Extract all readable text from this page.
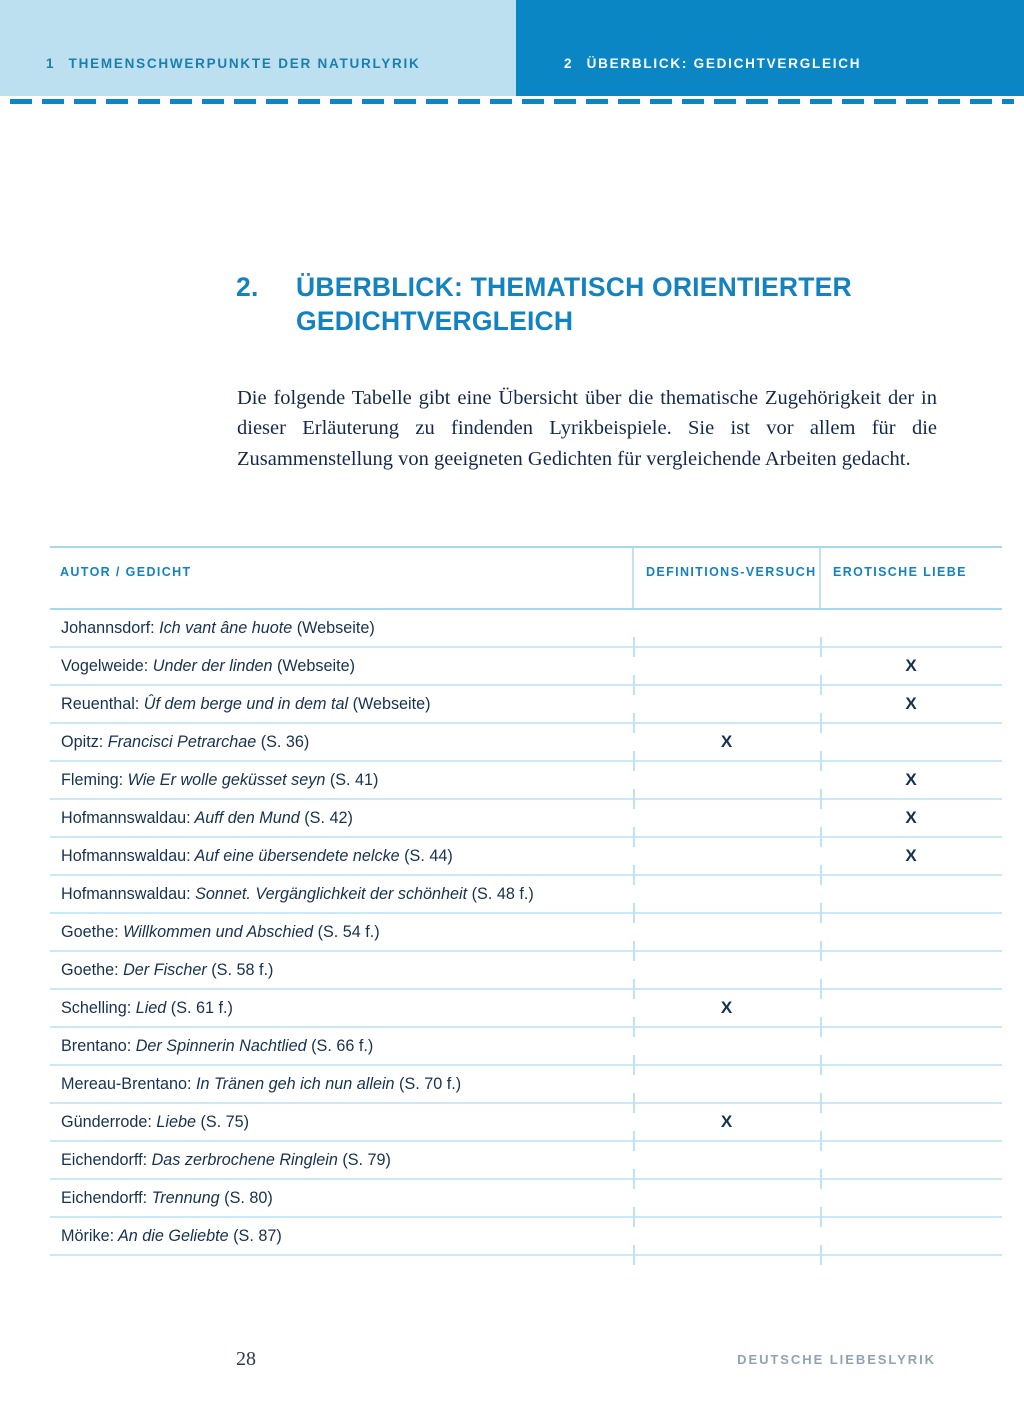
1	THEMENSCHWERPUNKTE DER NATURLYRIK	2	ÜBERBLICK: GEDICHTVERGLEICH
2.	ÜBERBLICK: THEMATISCH ORIENTIERTER GEDICHTVERGLEICH

Die folgende Tabelle gibt eine Übersicht über die thematische Zugehörigkeit der in dieser Erläuterung zu findenden Lyrikbeispiele. Sie ist vor allem für die Zusammenstellung von geeigneten Gedichten für vergleichende Arbeiten gedacht.

AUTOR / GEDICHT	DEFINITIONS-VERSUCH	EROTISCHE LIEBE
Johannsdorf: Ich vant âne huote (Webseite)		
Vogelweide: Under der linden (Webseite)		X
Reuenthal: Ûf dem berge und in dem tal (Webseite)		X
Opitz: Francisci Petrarchae (S. 36)	X	
Fleming: Wie Er wolle geküsset seyn (S. 41)		X
Hofmannswaldau: Auff den Mund (S. 42)		X
Hofmannswaldau: Auf eine übersendete nelcke (S. 44)		X
Hofmannswaldau: Sonnet. Vergänglichkeit der schönheit (S. 48 f.)		
Goethe: Willkommen und Abschied (S. 54 f.)		
Goethe: Der Fischer (S. 58 f.)		
Schelling: Lied (S. 61 f.)	X	
Brentano: Der Spinnerin Nachtlied (S. 66 f.)		
Mereau-Brentano: In Tränen geh ich nun allein (S. 70 f.)		
Günderrode: Liebe (S. 75)	X	
Eichendorff: Das zerbrochene Ringlein (S. 79)		
Eichendorff: Trennung (S. 80)		
Mörike: An die Geliebte (S. 87)		
28	DEUTSCHE LIEBESLYRIK
